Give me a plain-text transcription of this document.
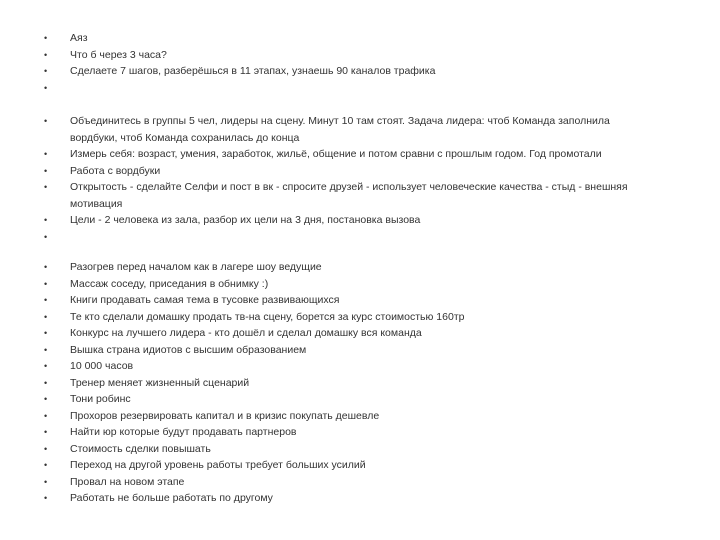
• Аяз
• Что б через 3 часа?
• Сделаете 7 шагов, разберёшься в 11 этапах, узнаешь 90 каналов трафика
•
• Объединитесь в группы 5 чел, лидеры на сцену. Минут 10 там стоят. Задача лидера: чтоб Команда заполнила вордбуки, чтоб Команда сохранилась до конца
• Измерь себя: возраст, умения, заработок, жильё, общение и потом сравни с прошлым годом. Год промотали
• Работа с вордбуки
• Открытость - сделайте Селфи и пост в вк - спросите друзей - использует человеческие качества - стыд - внешняя мотивация
• Цели - 2 человека из зала, разбор их цели на 3 дня, постановка вызова
•
• Разогрев перед началом как в лагере шоу ведущие
• Массаж соседу, приседания в обнимку :)
• Книги продавать самая тема в тусовке развивающихся
• Те кто сделали домашку продать тв-на сцену, борется за курс стоимостью 160тр
• Конкурс на лучшего лидера - кто дошёл и сделал домашку вся команда
• Вышка страна идиотов с высшим образованием
• 10 000 часов
• Тренер меняет жизненный сценарий
• Тони робинс
• Прохоров резервировать капитал и в кризис покупать дешевле
• Найти юр которые будут продавать партнеров
• Стоимость сделки повышать
• Переход на другой уровень работы требует больших усилий
• Провал на новом этапе
• Работать не больше работать по другому
